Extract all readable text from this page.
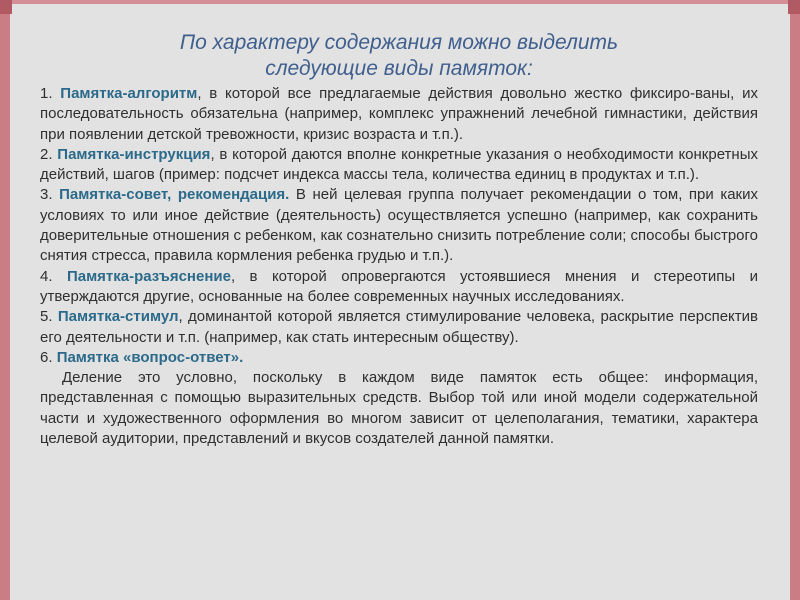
По характеру содержания можно выделить
следующие виды памяток:

1. Памятка-алгоритм, в которой все предлагаемые действия довольно жестко фиксиро-ваны, их последовательность обязательна (например, комплекс упражнений лечебной гимнастики, действия при появлении детской тревожности, кризис возраста и т.п.).

2. Памятка-инструкция, в которой даются вполне конкретные указания о необходимости конкретных действий, шагов (пример: подсчет индекса массы тела, количества единиц в продуктах и т.п.).

3. Памятка-совет, рекомендация. В ней целевая группа получает рекомендации о том, при каких условиях то или иное действие (деятельность) осуществляется успешно (например, как сохранить доверительные отношения с ребенком, как сознательно снизить потребление соли; способы быстрого снятия стресса, правила кормления ребенка грудью и т.п.).

4. Памятка-разъяснение, в которой опровергаются устоявшиеся мнения и стереотипы и утверждаются другие, основанные на более современных научных исследованиях.

5. Памятка-стимул, доминантой которой является стимулирование человека, раскрытие перспектив его деятельности и т.п. (например, как стать интересным обществу).

6. Памятка «вопрос-ответ».

Деление это условно, поскольку в каждом виде памяток есть общее: информация, представленная с помощью выразительных средств. Выбор той или иной модели содержательной части и художественного оформления во многом зависит от целеполагания, тематики, характера целевой аудитории, представлений и вкусов создателей данной памятки.
